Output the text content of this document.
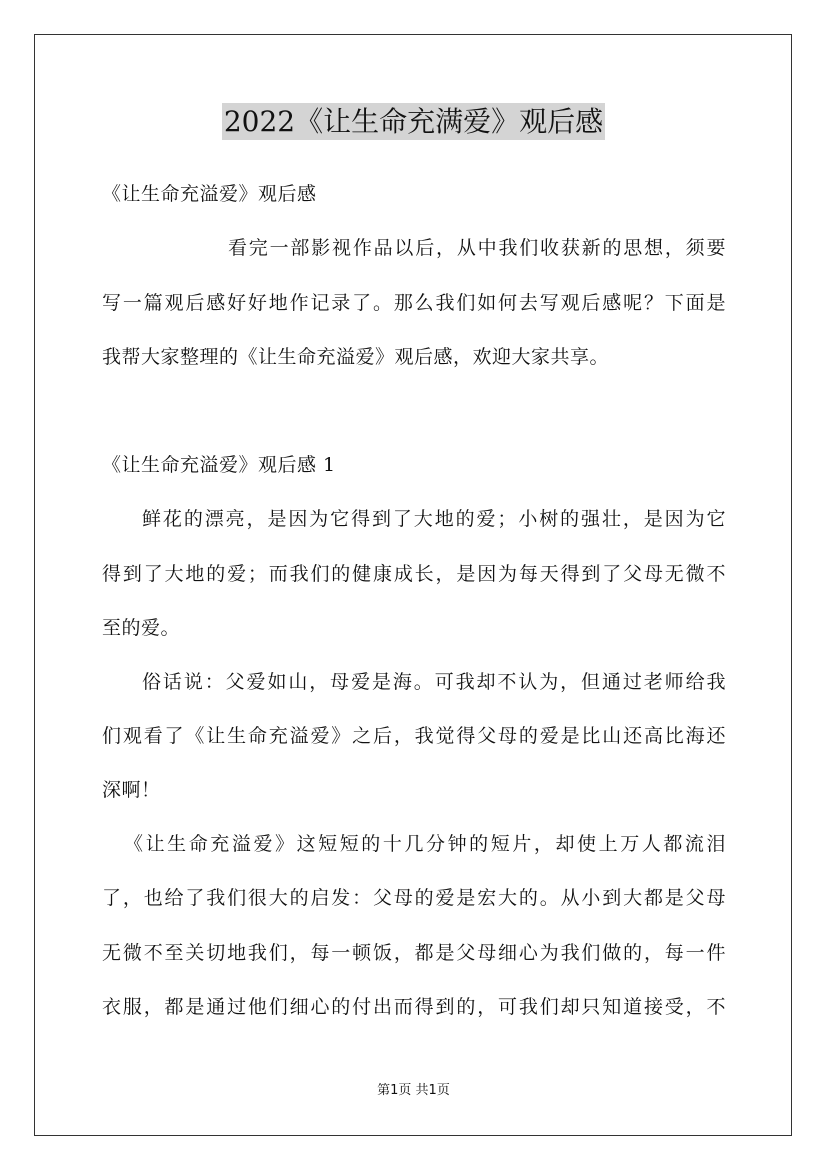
2022《让生命充满爱》观后感
《让生命充溢爱》观后感
看完一部影视作品以后，从中我们收获新的思想，须要
写一篇观后感好好地作记录了。那么我们如何去写观后感呢？下面是
我帮大家整理的《让生命充溢爱》观后感，欢迎大家共享。
《让生命充溢爱》观后感 1
鲜花的漂亮，是因为它得到了大地的爱；小树的强壮，是因为它
得到了大地的爱；而我们的健康成长，是因为每天得到了父母无微不
至的爱。
俗话说：父爱如山，母爱是海。可我却不认为，但通过老师给我
们观看了《让生命充溢爱》之后，我觉得父母的爱是比山还高比海还
深啊！
《让生命充溢爱》这短短的十几分钟的短片，却使上万人都流泪
了，也给了我们很大的启发：父母的爱是宏大的。从小到大都是父母
无微不至关切地我们，每一顿饭，都是父母细心为我们做的，每一件
衣服，都是通过他们细心的付出而得到的，可我们却只知道接受，不
第1页 共1页
